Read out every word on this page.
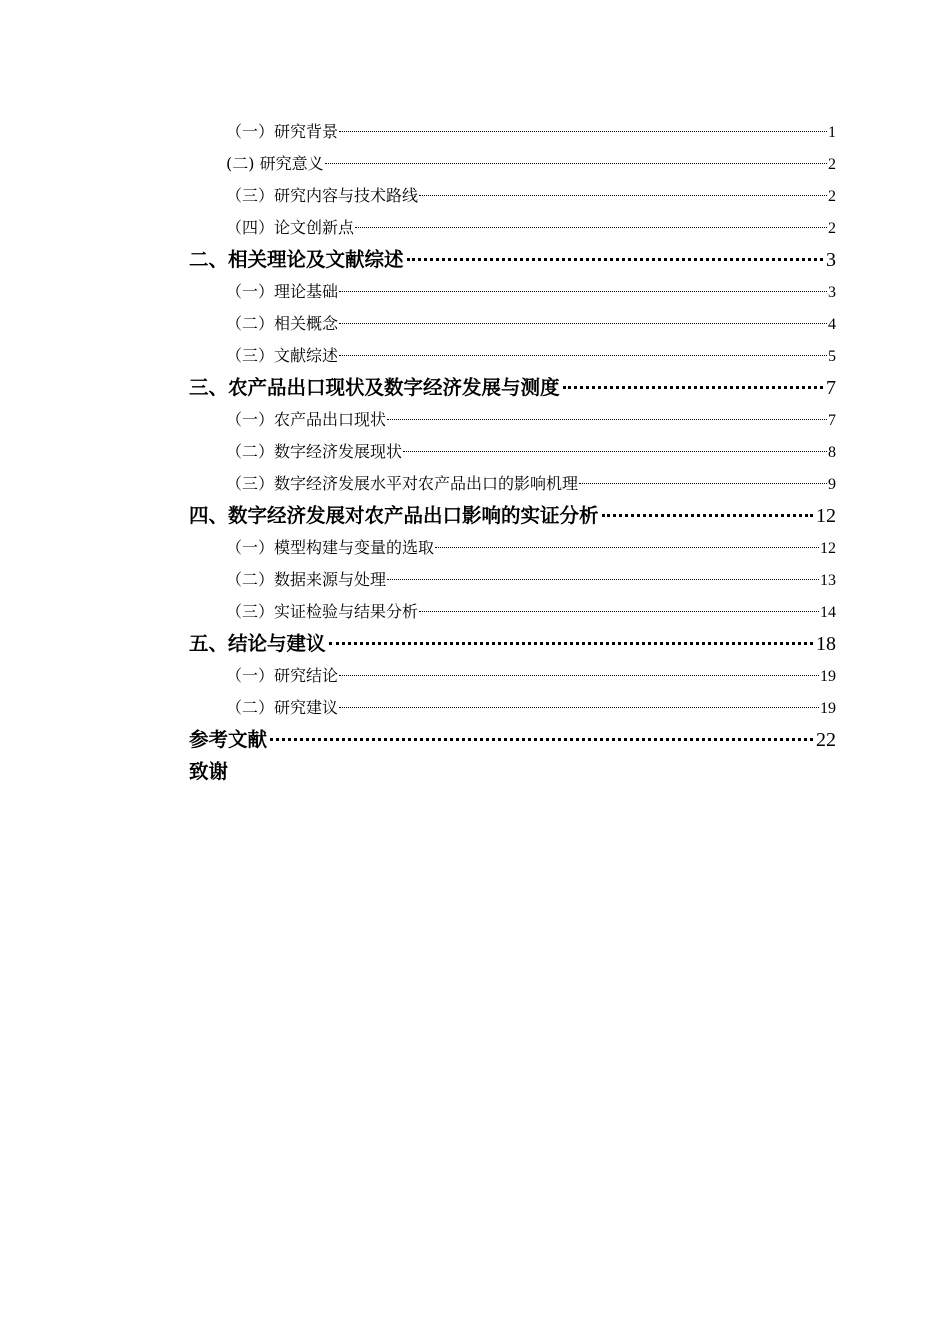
（一）研究背景	1
(二) 研究意义	2
（三）研究内容与技术路线	2
（四）论文创新点	2
二、相关理论及文献综述	3
（一）理论基础	3
（二）相关概念	4
（三）文献综述	5
三、农产品出口现状及数字经济发展与测度	7
（一）农产品出口现状	7
（二）数字经济发展现状	8
（三）数字经济发展水平对农产品出口的影响机理	9
四、数字经济发展对农产品出口影响的实证分析	12
（一）模型构建与变量的选取	12
（二）数据来源与处理	13
（三）实证检验与结果分析	14
五、结论与建议	18
（一）研究结论	19
（二）研究建议	19
参考文献	22
致谢
